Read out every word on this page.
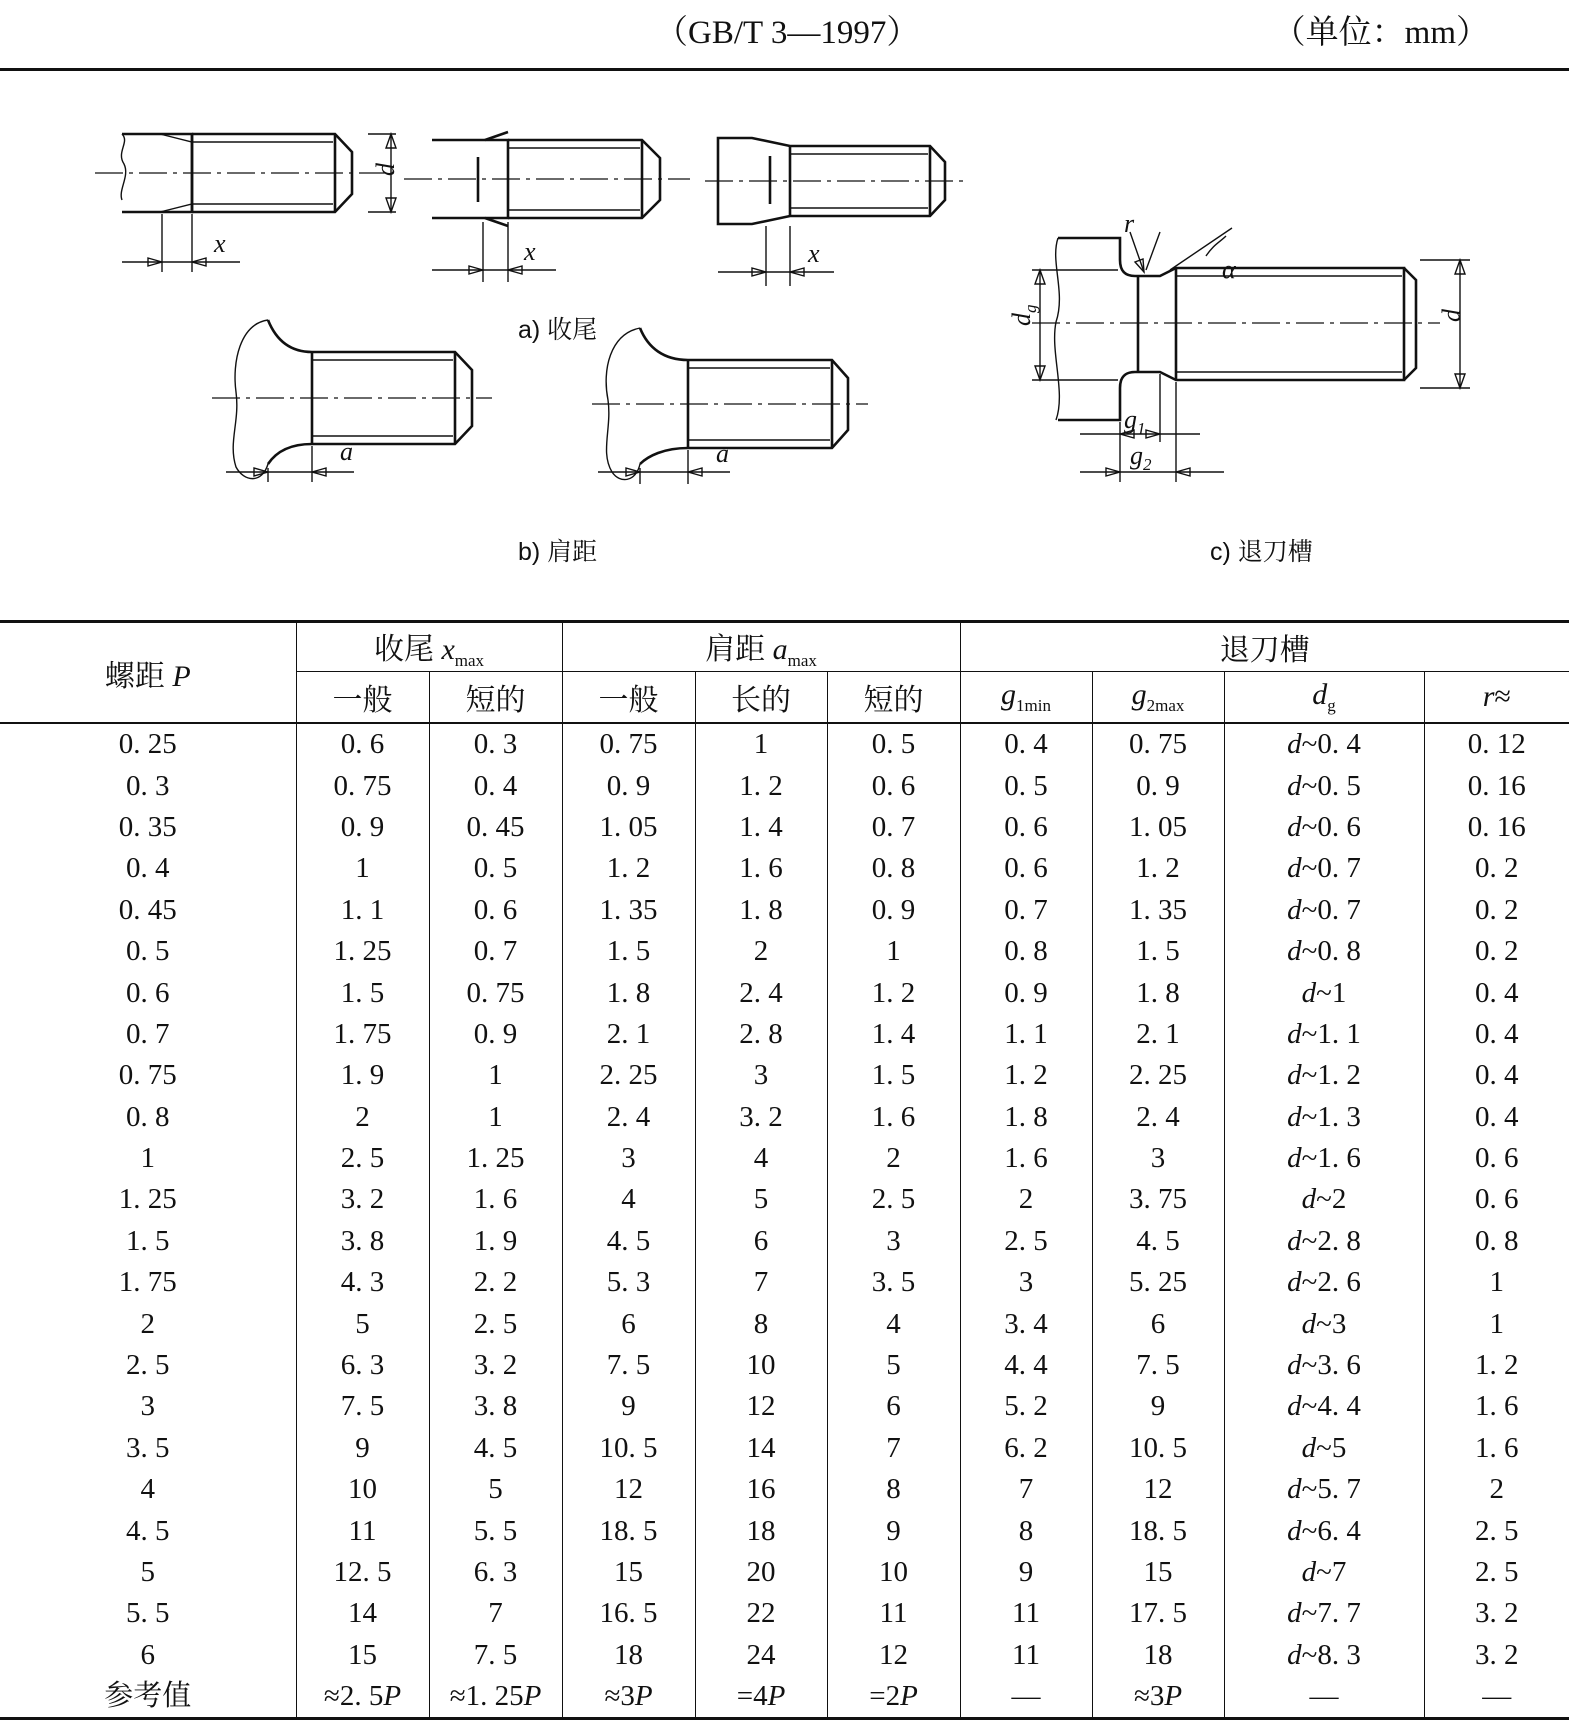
（GB/T 3—1997）	（单位：mm）
d
x	x	x
a) 收尾
a	a
b) 肩距
$d_g$
d
$g_1$
$g_2$
r
α
c) 退刀槽
螺距 P	收尾 $x_{max}$		肩距 $a_{max}$			退刀槽			
	一般	短的	一般	长的	短的	$g_{1min}$	$g_{2max}$	$d_g$	r≈
0. 25	0. 6	0. 3	0. 75	1	0. 5	0. 4	0. 75	d~0. 4	0. 12
0. 3	0. 75	0. 4	0. 9	1. 2	0. 6	0. 5	0. 9	d~0. 5	0. 16
0. 35	0. 9	0. 45	1. 05	1. 4	0. 7	0. 6	1. 05	d~0. 6	0. 16
0. 4	1	0. 5	1. 2	1. 6	0. 8	0. 6	1. 2	d~0. 7	0. 2
0. 45	1. 1	0. 6	1. 35	1. 8	0. 9	0. 7	1. 35	d~0. 7	0. 2
0. 5	1. 25	0. 7	1. 5	2	1	0. 8	1. 5	d~0. 8	0. 2
0. 6	1. 5	0. 75	1. 8	2. 4	1. 2	0. 9	1. 8	d~1	0. 4
0. 7	1. 75	0. 9	2. 1	2. 8	1. 4	1. 1	2. 1	d~1. 1	0. 4
0. 75	1. 9	1	2. 25	3	1. 5	1. 2	2. 25	d~1. 2	0. 4
0. 8	2	1	2. 4	3. 2	1. 6	1. 8	2. 4	d~1. 3	0. 4
1	2. 5	1. 25	3	4	2	1. 6	3	d~1. 6	0. 6
1. 25	3. 2	1. 6	4	5	2. 5	2	3. 75	d~2	0. 6
1. 5	3. 8	1. 9	4. 5	6	3	2. 5	4. 5	d~2. 8	0. 8
1. 75	4. 3	2. 2	5. 3	7	3. 5	3	5. 25	d~2. 6	1
2	5	2. 5	6	8	4	3. 4	6	d~3	1
2. 5	6. 3	3. 2	7. 5	10	5	4. 4	7. 5	d~3. 6	1. 2
3	7. 5	3. 8	9	12	6	5. 2	9	d~4. 4	1. 6
3. 5	9	4. 5	10. 5	14	7	6. 2	10. 5	d~5	1. 6
4	10	5	12	16	8	7	12	d~5. 7	2
4. 5	11	5. 5	18. 5	18	9	8	18. 5	d~6. 4	2. 5
5	12. 5	6. 3	15	20	10	9	15	d~7	2. 5
5. 5	14	7	16. 5	22	11	11	17. 5	d~7. 7	3. 2
6	15	7. 5	18	24	12	11	18	d~8. 3	3. 2
参考值	≈2. 5P	≈1. 25P	≈3P	=4P	=2P	—	≈3P	—	—
